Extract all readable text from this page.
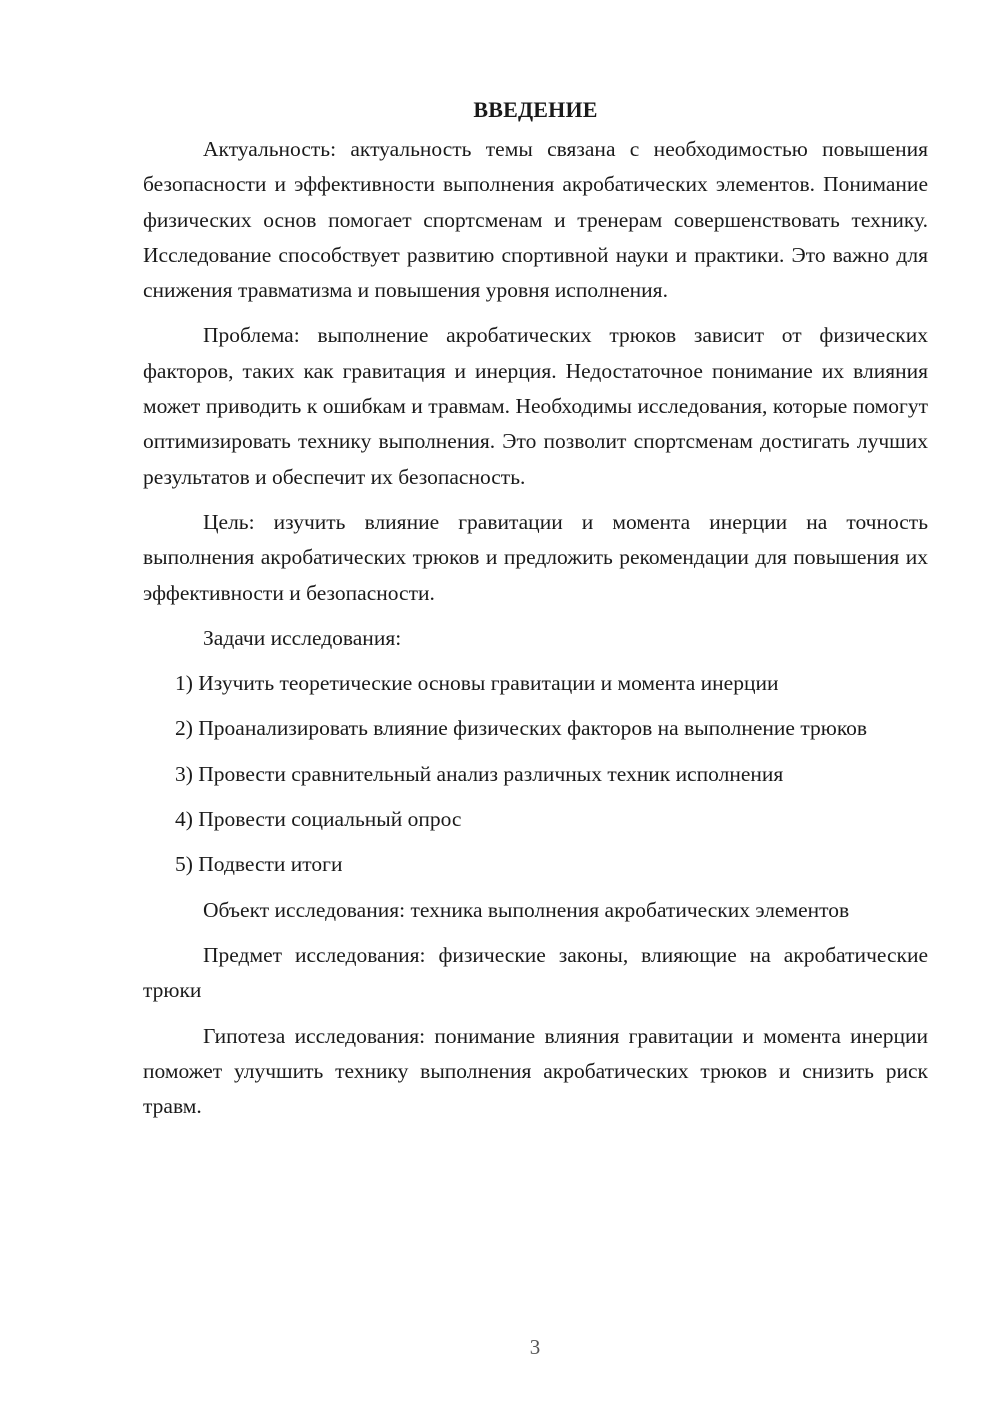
ВВЕДЕНИЕ

Актуальность: актуальность темы связана с необходимостью повышения безопасности и эффективности выполнения акробатических элементов. Понимание физических основ помогает спортсменам и тренерам совершенствовать технику. Исследование способствует развитию спортивной науки и практики. Это важно для снижения травматизма и повышения уровня исполнения.

Проблема: выполнение акробатических трюков зависит от физических факторов, таких как гравитация и инерция. Недостаточное понимание их влияния может приводить к ошибкам и травмам. Необходимы исследования, которые помогут оптимизировать технику выполнения. Это позволит спортсменам достигать лучших результатов и обеспечит их безопасность.

Цель: изучить влияние гравитации и момента инерции на точность выполнения акробатических трюков и предложить рекомендации для повышения их эффективности и безопасности.

Задачи исследования:

1) Изучить теоретические основы гравитации и момента инерции

2) Проанализировать влияние физических факторов на выполнение трюков

3) Провести сравнительный анализ различных техник исполнения

4) Провести социальный опрос

5) Подвести итоги

Объект исследования: техника выполнения акробатических элементов

Предмет исследования: физические законы, влияющие на акробатические трюки

Гипотеза исследования: понимание влияния гравитации и момента инерции поможет улучшить технику выполнения акробатических трюков и снизить риск травм.

3
